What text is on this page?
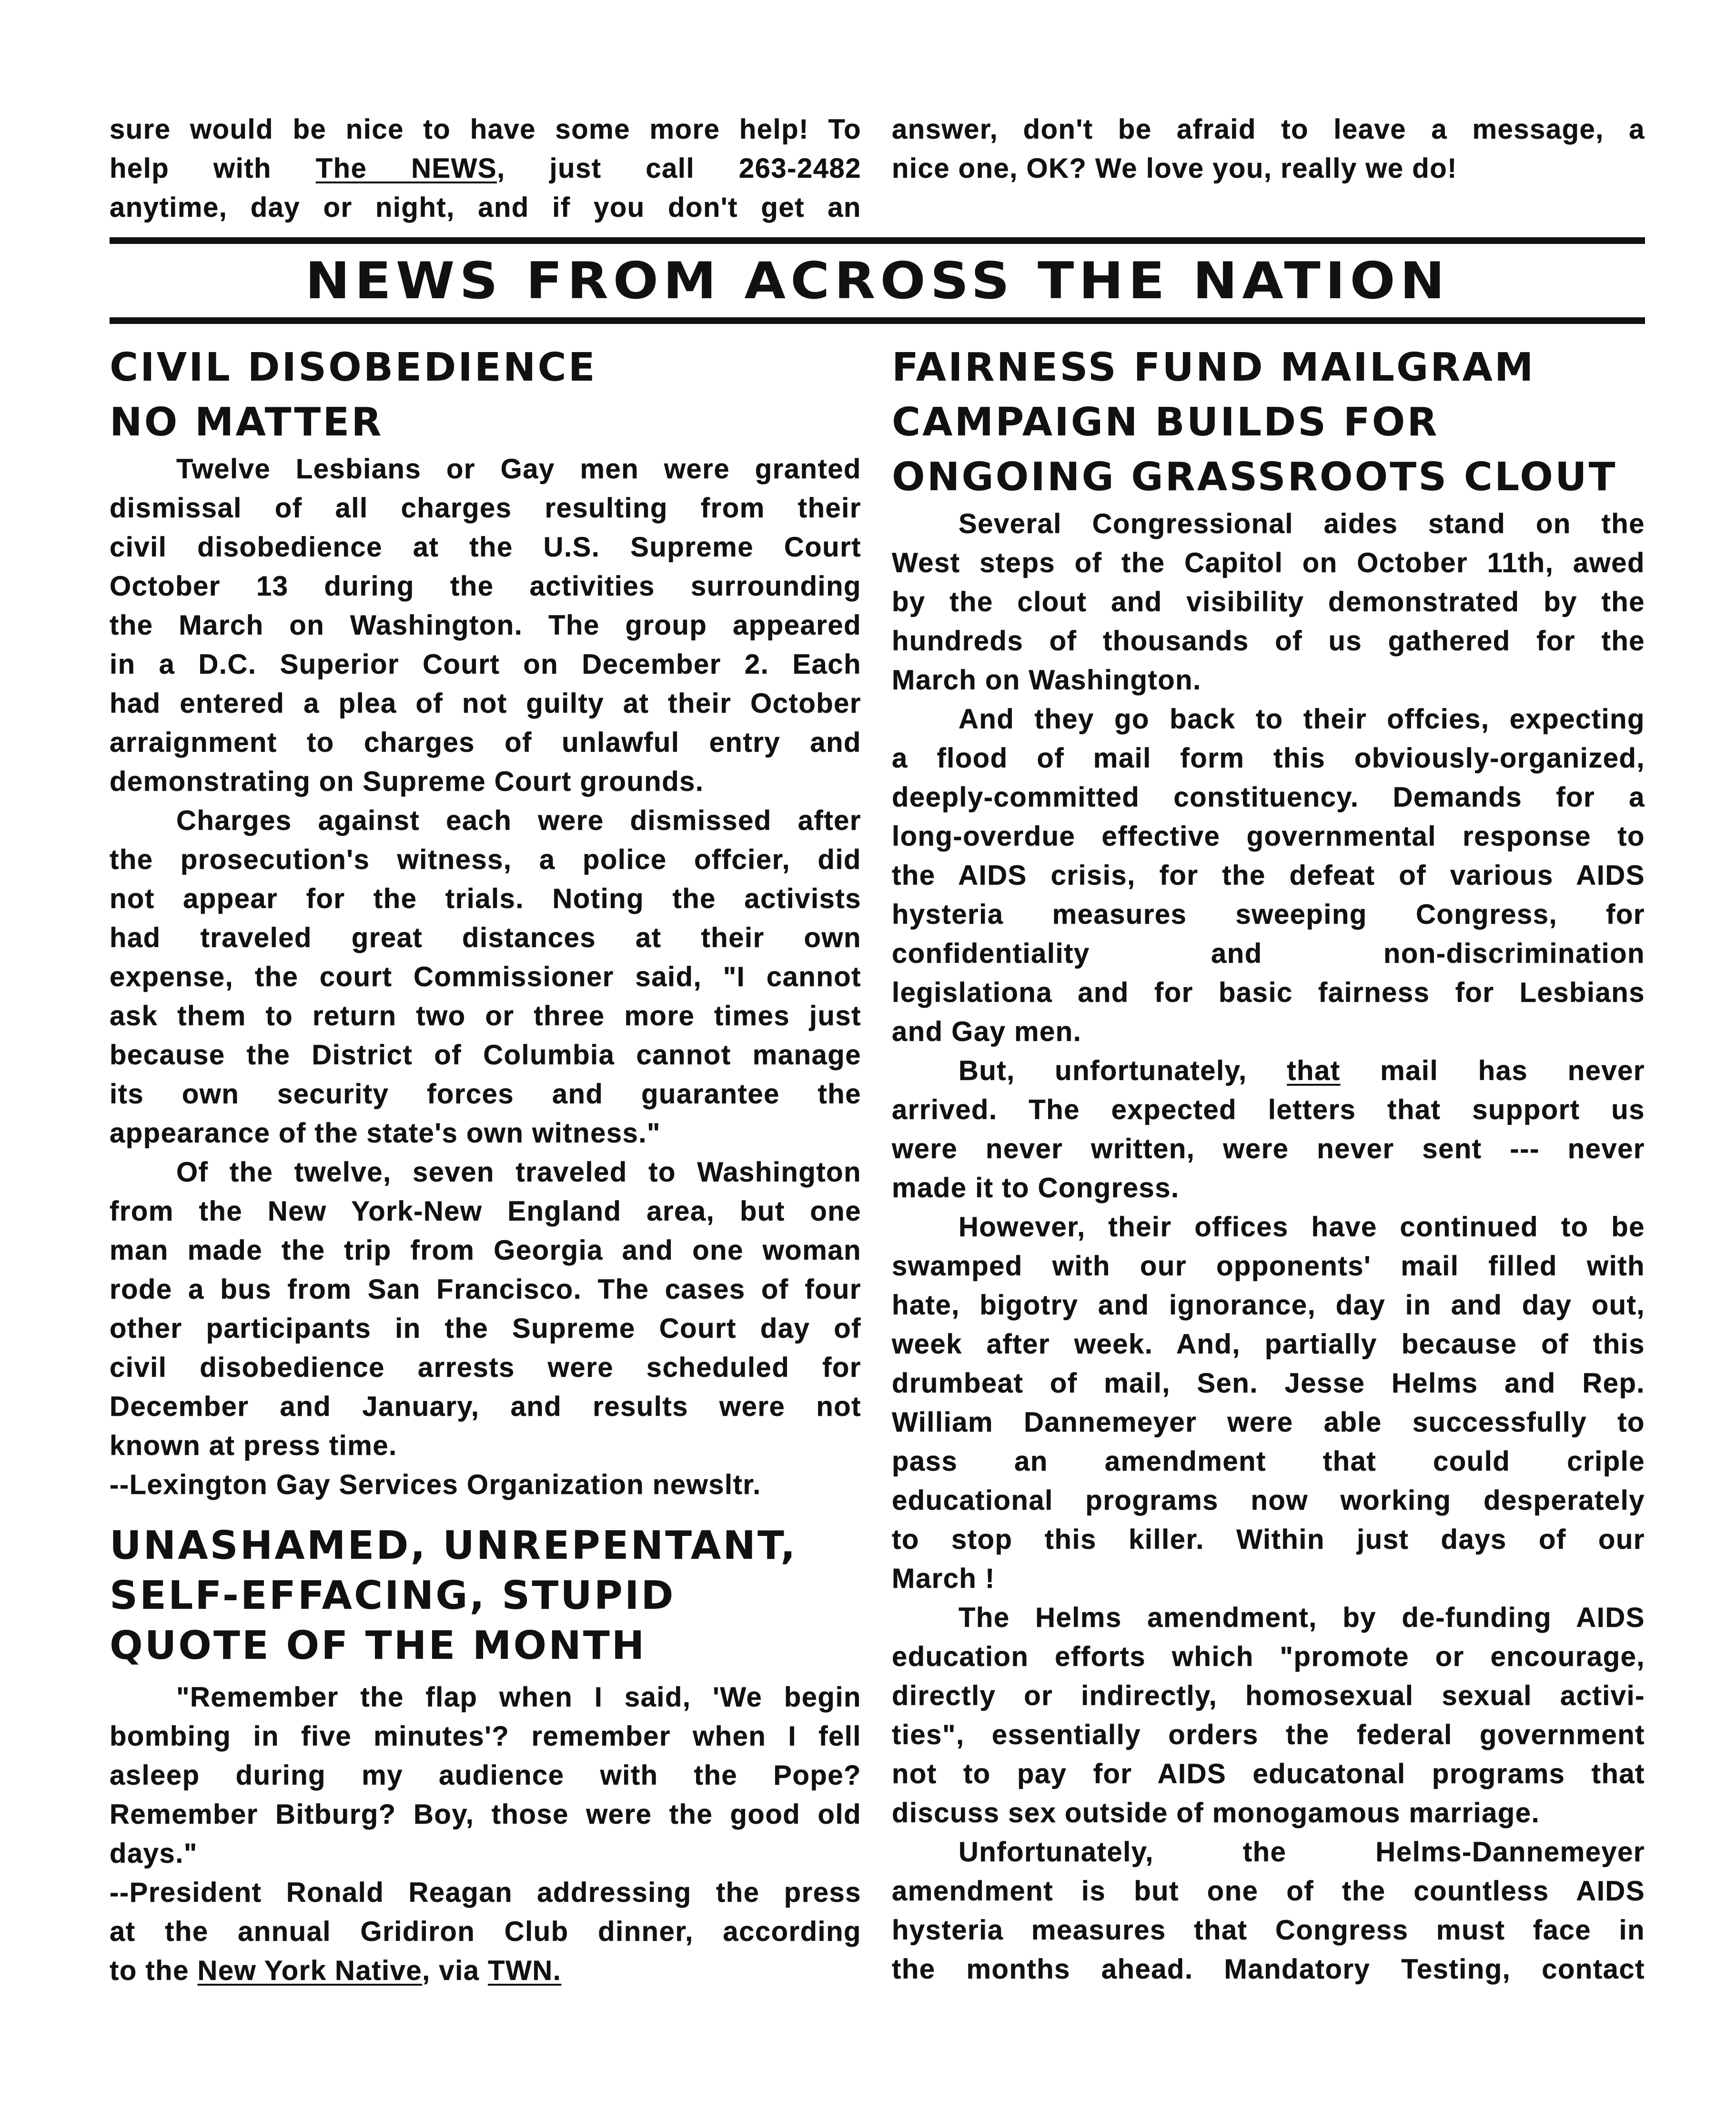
sure would be nice to have some more help! To
help with The NEWS, just call 263-2482
anytime, day or night, and if you don't get an
answer, don't be afraid to leave a message, a
nice one, OK? We love you, really we do!
NEWS FROM ACROSS THE NATION
CIVIL DISOBEDIENCE
NO MATTER
Twelve Lesbians or Gay men were granted
dismissal of all charges resulting from their
civil disobedience at the U.S. Supreme Court
October 13 during the activities surrounding
the March on Washington. The group appeared
in a D.C. Superior Court on December 2. Each
had entered a plea of not guilty at their October
arraignment to charges of unlawful entry and
demonstrating on Supreme Court grounds.
Charges against each were dismissed after
the prosecution's witness, a police offcier, did
not appear for the trials. Noting the activists
had traveled great distances at their own
expense, the court Commissioner said, "I cannot
ask them to return two or three more times just
because the District of Columbia cannot manage
its own security forces and guarantee the
appearance of the state's own witness."
Of the twelve, seven traveled to Washington
from the New York-New England area, but one
man made the trip from Georgia and one woman
rode a bus from San Francisco. The cases of four
other participants in the Supreme Court day of
civil disobedience arrests were scheduled for
December and January, and results were not
known at press time.
--Lexington Gay Services Organization newsltr.
UNASHAMED, UNREPENTANT,
SELF-EFFACING, STUPID
QUOTE OF THE MONTH
"Remember the flap when I said, 'We begin
bombing in five minutes'? remember when I fell
asleep during my audience with the Pope?
Remember Bitburg? Boy, those were the good old
days."
--President Ronald Reagan addressing the press
at the annual Gridiron Club dinner, according
to the New York Native, via TWN.
FAIRNESS FUND MAILGRAM
CAMPAIGN BUILDS FOR
ONGOING GRASSROOTS CLOUT
Several Congressional aides stand on the
West steps of the Capitol on October 11th, awed
by the clout and visibility demonstrated by the
hundreds of thousands of us gathered for the
March on Washington.
And they go back to their offcies, expecting
a flood of mail form this obviously-organized,
deeply-committed constituency. Demands for a
long-overdue effective governmental response to
the AIDS crisis, for the defeat of various AIDS
hysteria measures sweeping Congress, for
confidentiality and non-discrimination
legislationa and for basic fairness for Lesbians
and Gay men.
But, unfortunately, that mail has never
arrived. The expected letters that support us
were never written, were never sent --- never
made it to Congress.
However, their offices have continued to be
swamped with our opponents' mail filled with
hate, bigotry and ignorance, day in and day out,
week after week. And, partially because of this
drumbeat of mail, Sen. Jesse Helms and Rep.
William Dannemeyer were able successfully to
pass an amendment that could criple
educational programs now working desperately
to stop this killer. Within just days of our
March !
The Helms amendment, by de-funding AIDS
education efforts which "promote or encourage,
directly or indirectly, homosexual sexual activi-
ties", essentially orders the federal government
not to pay for AIDS educatonal programs that
discuss sex outside of monogamous marriage.
Unfortunately, the Helms-Dannemeyer
amendment is but one of the countless AIDS
hysteria measures that Congress must face in
the months ahead. Mandatory Testing, contact
